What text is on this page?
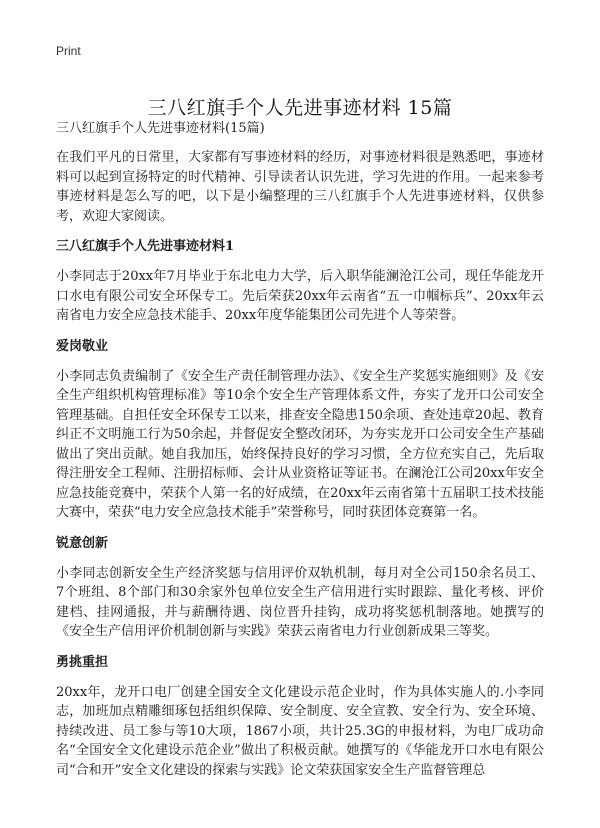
Print
三八红旗手个人先进事迹材料 15篇
三八红旗手个人先进事迹材料(15篇)

在我们平凡的日常里，大家都有写事迹材料的经历，对事迹材料很是熟悉吧，事迹材料可以起到宣扬特定的时代精神、引导读者认识先进，学习先进的作用。一起来参考事迹材料是怎么写的吧，以下是小编整理的三八红旗手个人先进事迹材料，仅供参考，欢迎大家阅读。

三八红旗手个人先进事迹材料1

小李同志于20xx年7月毕业于东北电力大学，后入职华能澜沧江公司，现任华能龙开口水电有限公司安全环保专工。先后荣获20xx年云南省“五一巾帼标兵”、20xx年云南省电力安全应急技术能手、20xx年度华能集团公司先进个人等荣誉。

爱岗敬业

小李同志负责编制了《安全生产责任制管理办法》、《安全生产奖惩实施细则》及《安全生产组织机构管理标准》等10余个安全生产管理体系文件，夯实了龙开口公司安全管理基础。自担任安全环保专工以来，排查安全隐患150余项、查处违章20起、教育纠正不文明施工行为50余起，并督促安全整改闭环，为夯实龙开口公司安全生产基础做出了突出贡献。她自我加压，始终保持良好的学习习惯，全方位充实自己，先后取得注册安全工程师、注册招标师、会计从业资格证等证书。在澜沧江公司20xx年安全应急技能竞赛中，荣获个人第一名的好成绩，在20xx年云南省第十五届职工技术技能大赛中，荣获“电力安全应急技术能手”荣誉称号，同时获团体竞赛第一名。

锐意创新

小李同志创新安全生产经济奖惩与信用评价双轨机制，每月对全公司150余名员工、7个班组、8个部门和30余家外包单位安全生产信用进行实时跟踪、量化考核、评价建档、挂网通报，并与薪酬待遇、岗位晋升挂钩，成功将奖惩机制落地。她撰写的《安全生产信用评价机制创新与实践》荣获云南省电力行业创新成果三等奖。

勇挑重担

20xx年，龙开口电厂创建全国安全文化建设示范企业时，作为具体实施人的.小李同志，加班加点精雕细琢包括组织保障、安全制度、安全宣教、安全行为、安全环境、持续改进、员工参与等10大项，1867小项，共计25.3G的申报材料，为电厂成功命名“全国安全文化建设示范企业”做出了积极贡献。她撰写的《华能龙开口水电有限公司“合和开”安全文化建设的探索与实践》论文荣获国家安全生产监督管理总
